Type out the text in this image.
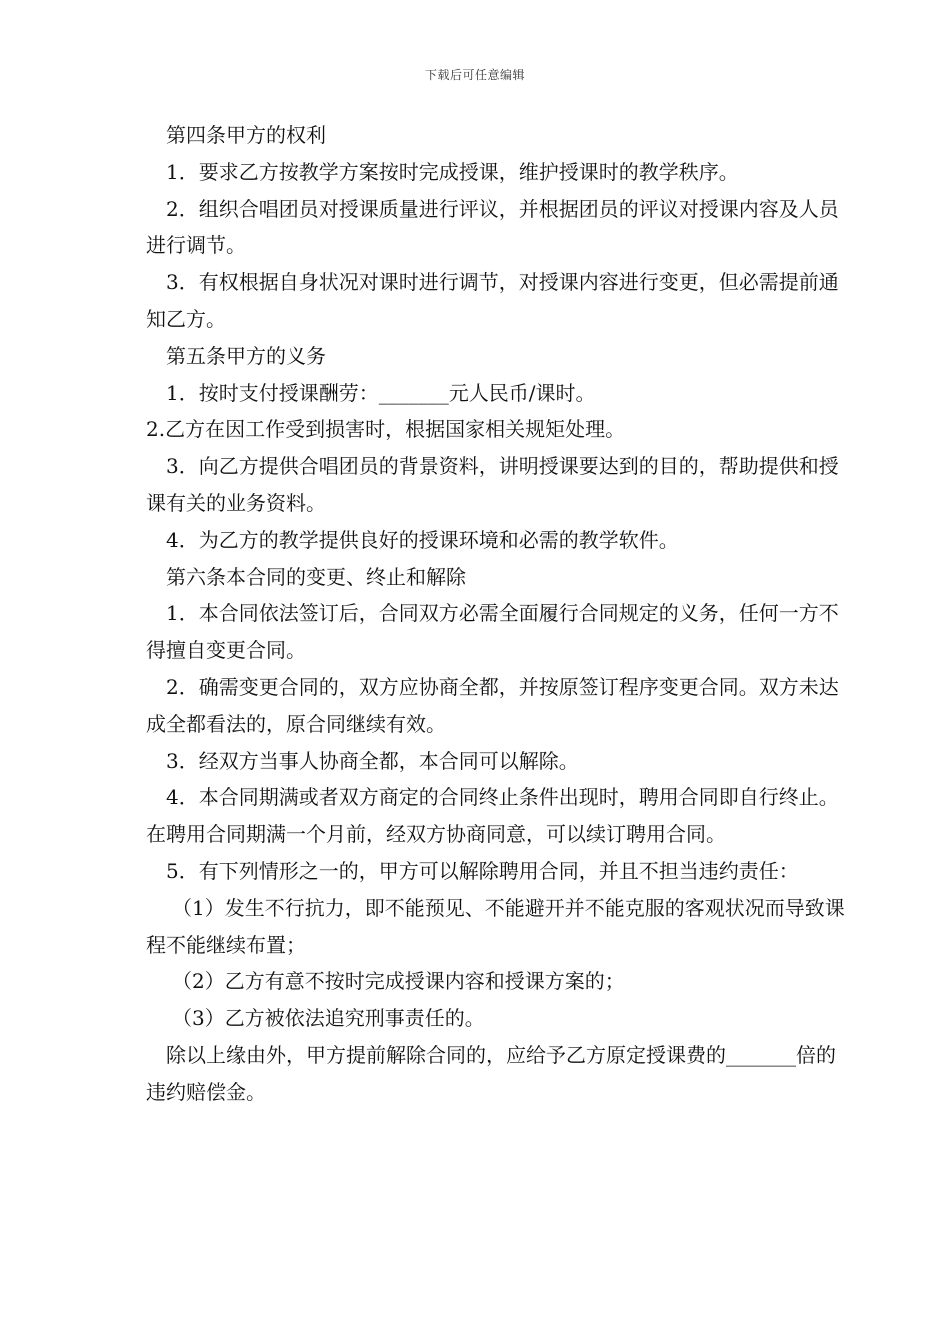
下载后可任意编辑

第四条甲方的权利

1．要求乙方按教学方案按时完成授课，维护授课时的教学秩序。

2．组织合唱团员对授课质量进行评议，并根据团员的评议对授课内容及人员进行调节。

3．有权根据自身状况对课时进行调节，对授课内容进行变更，但必需提前通知乙方。

第五条甲方的义务

1．按时支付授课酬劳：_______元人民币/课时。

2.乙方在因工作受到损害时，根据国家相关规矩处理。

3．向乙方提供合唱团员的背景资料，讲明授课要达到的目的，帮助提供和授课有关的业务资料。

4．为乙方的教学提供良好的授课环境和必需的教学软件。

第六条本合同的变更、终止和解除

1．本合同依法签订后，合同双方必需全面履行合同规定的义务，任何一方不得擅自变更合同。

2．确需变更合同的，双方应协商全都，并按原签订程序变更合同。双方未达成全都看法的，原合同继续有效。

3．经双方当事人协商全都，本合同可以解除。

4．本合同期满或者双方商定的合同终止条件出现时，聘用合同即自行终止。在聘用合同期满一个月前，经双方协商同意，可以续订聘用合同。

5．有下列情形之一的，甲方可以解除聘用合同，并且不担当违约责任：

（1）发生不行抗力，即不能预见、不能避开并不能克服的客观状况而导致课程不能继续布置；

（2）乙方有意不按时完成授课内容和授课方案的；

（3）乙方被依法追究刑事责任的。

除以上缘由外，甲方提前解除合同的，应给予乙方原定授课费的_______倍的违约赔偿金。
